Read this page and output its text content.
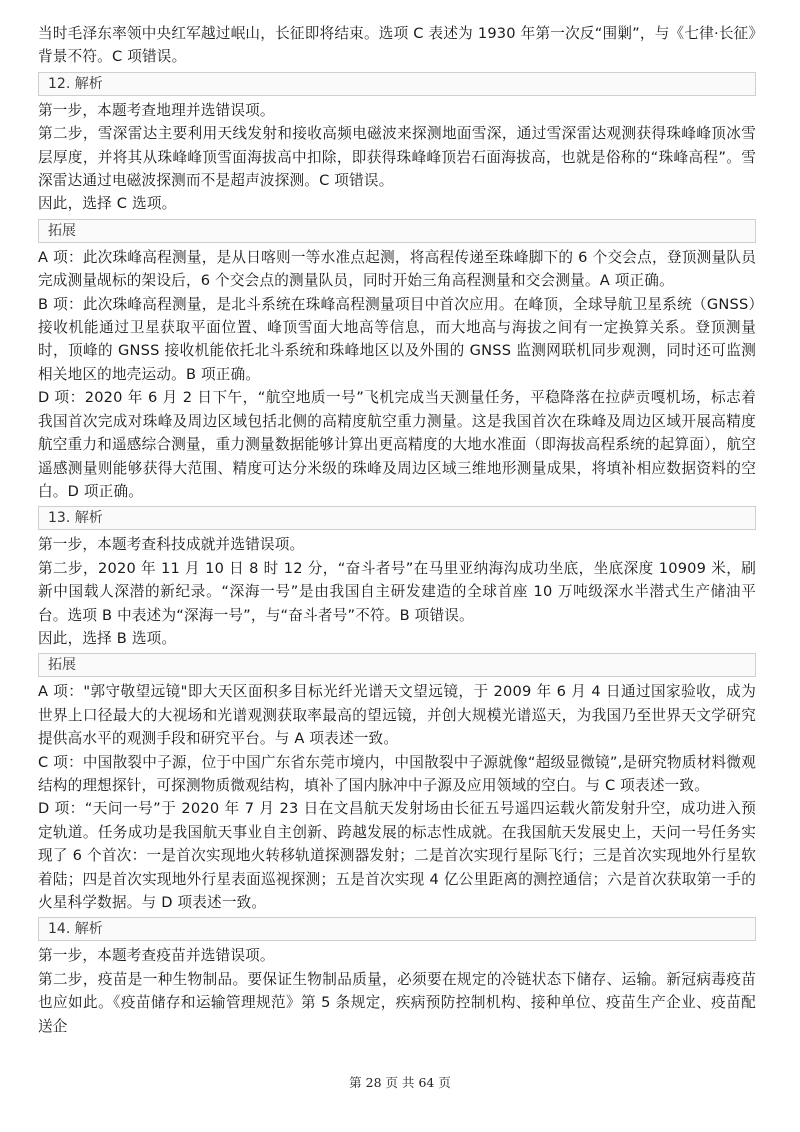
当时毛泽东率领中央红军越过岷山，长征即将结束。选项 C 表述为 1930 年第一次反“围剿”，与《七律·长征》背景不符。C 项错误。

12. 解析

第一步，本题考查地理并选错误项。

第二步，雪深雷达主要利用天线发射和接收高频电磁波来探测地面雪深，通过雪深雷达观测获得珠峰峰顶冰雪层厚度，并将其从珠峰峰顶雪面海拔高中扣除，即获得珠峰峰顶岩石面海拔高，也就是俗称的“珠峰高程”。雪深雷达通过电磁波探测而不是超声波探测。C 项错误。

因此，选择 C 选项。

拓展

A 项：此次珠峰高程测量，是从日喀则一等水准点起测，将高程传递至珠峰脚下的 6 个交会点，登顶测量队员完成测量觇标的架设后，6 个交会点的测量队员，同时开始三角高程测量和交会测量。A 项正确。

B 项：此次珠峰高程测量，是北斗系统在珠峰高程测量项目中首次应用。在峰顶，全球导航卫星系统（GNSS）接收机能通过卫星获取平面位置、峰顶雪面大地高等信息，而大地高与海拔之间有一定换算关系。登顶测量时，顶峰的 GNSS 接收机能依托北斗系统和珠峰地区以及外围的 GNSS 监测网联机同步观测，同时还可监测相关地区的地壳运动。B 项正确。

D 项：2020 年 6 月 2 日下午，“航空地质一号”飞机完成当天测量任务，平稳降落在拉萨贡嘎机场，标志着我国首次完成对珠峰及周边区域包括北侧的高精度航空重力测量。这是我国首次在珠峰及周边区域开展高精度航空重力和遥感综合测量，重力测量数据能够计算出更高精度的大地水准面（即海拔高程系统的起算面），航空遥感测量则能够获得大范围、精度可达分米级的珠峰及周边区域三维地形测量成果，将填补相应数据资料的空白。D 项正确。

13. 解析

第一步，本题考查科技成就并选错误项。

第二步，2020 年 11 月 10 日 8 时 12 分，“奋斗者号”在马里亚纳海沟成功坐底，坐底深度 10909 米，刷新中国载人深潜的新纪录。“深海一号”是由我国自主研发建造的全球首座 10 万吨级深水半潜式生产储油平台。选项 B 中表述为“深海一号”，与“奋斗者号”不符。B 项错误。

因此，选择 B 选项。

拓展

A 项："郭守敬望远镜"即大天区面积多目标光纤光谱天文望远镜，于 2009 年 6 月 4 日通过国家验收，成为世界上口径最大的大视场和光谱观测获取率最高的望远镜，并创大规模光谱巡天，为我国乃至世界天文学研究提供高水平的观测手段和研究平台。与 A 项表述一致。

C 项：中国散裂中子源，位于中国广东省东莞市境内，中国散裂中子源就像“超级显微镜”,是研究物质材料微观结构的理想探针，可探测物质微观结构，填补了国内脉冲中子源及应用领域的空白。与 C 项表述一致。

D 项：“天问一号”于 2020 年 7 月 23 日在文昌航天发射场由长征五号遥四运载火箭发射升空，成功进入预定轨道。任务成功是我国航天事业自主创新、跨越发展的标志性成就。在我国航天发展史上，天问一号任务实现了 6 个首次：一是首次实现地火转移轨道探测器发射；二是首次实现行星际飞行；三是首次实现地外行星软着陆；四是首次实现地外行星表面巡视探测；五是首次实现 4 亿公里距离的测控通信；六是首次获取第一手的火星科学数据。与 D 项表述一致。

14. 解析

第一步，本题考查疫苗并选错误项。

第二步，疫苗是一种生物制品。要保证生物制品质量，必须要在规定的冷链状态下储存、运输。新冠病毒疫苗也应如此。《疫苗储存和运输管理规范》第 5 条规定，疾病预防控制机构、接种单位、疫苗生产企业、疫苗配送企

第 28 页 共 64 页
